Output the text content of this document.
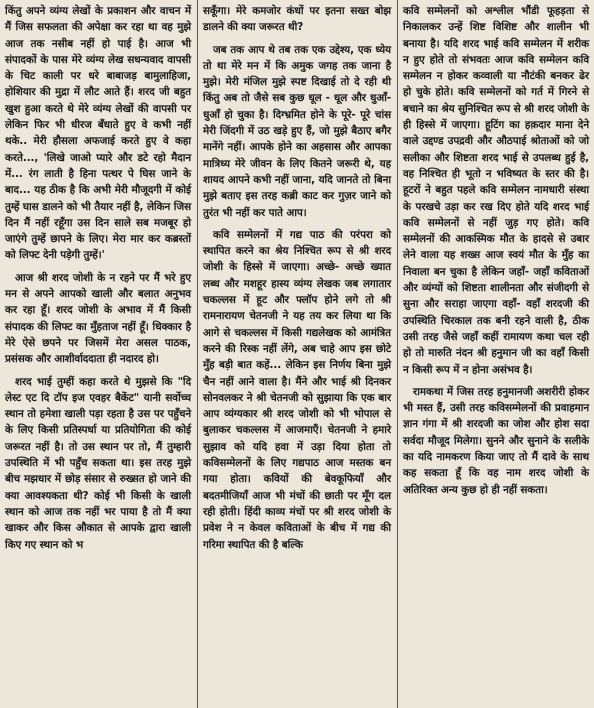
किंतु अपने व्यंग्य लेखों के प्रकाशन और वाचन में मैं जिस सफलता की अपेक्षा कर रहा था वह मुझे आज तक नसीब नहीं हो पाई है। आज भी संपादकों के पास मेरे व्यंग्य लेख सधन्यवाद वापसी के चिट काली पर धरे बाबाजड़ बामुलाहिजा, होशियार की मुद्रा में लौट आते हैं। शरद जी बहुत खुश हुआ करते थे मेरे व्यंग्य लेखों की वापसी पर लेकिन फिर भी धीरज बँधाते हुए वे कभी नहीं थके.. मेरी हौसला अफजाई करते हुए वे कहा करते..., 'लिखे जाओ प्यारे और डटे रहो मैदान में... रंग लाती है हिना पत्थर पे घिस जाने के बाद... यह ठीक है कि अभी मेरी मौजूदगी में कोई तुम्हें घास डालने को भी तैयार नहीं है, लेकिन जिस दिन मैं नहीं रहूँगा उस दिन साले सब मजबूर हो जाएंगे तुम्हें छापने के लिए। मेरा मार कर कब्रस्तों को लिफ्ट देनी पड़ेगी तुम्हें।'

आज श्री शरद जोशी के न रहने पर मैं भरे हुए मन से अपने आपको खाली और बलात अनुभव कर रहा हूँ। शरद जोशी के अभाव में मैं किसी संपादक की लिफ्ट का मुँहताज नहीं हूँ। धिक्कार है मेरे ऐसे छपने पर जिसमें मेरा असल पाठक, प्रसंसक और आशीर्वाददाता ही नदारद हो।

शरद भाई तुम्हीं कहा करते थे मुझसे कि "दि लेस्ट एट दि टॉप इज एवहर बैकेंट" यानी सर्वोच्च स्थान तो हमेशा खाली पड़ा रहता है उस पर पहुँचने के लिए किसी प्रतिस्पर्धा या प्रतियोगिता की कोई जरूरत नहीं है। तो उस स्थान पर तो, मैं तुम्हारी उपस्थिति में भी पहुँच सकता था। इस तरह मुझे बीच मझधार में छोड़ संसार से रुख्सत हो जाने की क्या आवश्यकता थी? कोई भी किसी के खाली स्थान को आज तक नहीं भर पाया है तो मैं क्या खाकर और किस औकात से आपके द्वारा खाली किए गए स्थान को भ

सकूँगा। मेरे कमजोर कंधों पर इतना सख्त बोझ डालने की क्या जरूरत थी?

जब तक आप थे तब तक एक उद्देश्य, एक ध्येय तो था मेरे मन में कि अमुक जगह तक जाना है मुझे। मेरी मंजिल मुझे स्पष्ट दिखाई तो दे रही थी किंतु अब तो जैसे सब कुछ धूल - धूल और धुआँ- धुआँ हो चुका है। दिग्भ्रमित होने के पूरे- पूरे चांस मेरी जिंदगी में उठ खड़े हुए हैं, जो मुझे बैठाए बगैर मानेंगे नहीं। आपके होने का अहसास और आपका मात्रिध्य मेरे जीवन के लिए कितने जरूरी थे, यह शायद आपने कभी नहीं जाना, यदि जानते तो बिना मुझे बताए इस तरह कब्री काट कर गुज़र जाने को तुरंत भी नहीं कर पाते आप।

कवि सम्मेलनों में गद्य पाठ की परंपरा को स्थापित करने का श्रेय निश्चित रूप से श्री शरद जोशी के हिस्से में जाएगा। अच्छे- अच्छे ख्यात लब्ध और मशहूर हास्य व्यंग्य लेखक जब लगातार चकल्लस में हूट और फ्लॉप होने लगे तो श्री रामनारायण चेतनजी ने यह तय कर लिया था कि आगे से चकल्लस में किसी गद्यलेखक को आमंत्रित करने की रिस्क नहीं लेंगे, अब चाहे आप इस छोटे मुँह बड़ी बात कहें... लेकिन इस निर्णय बिना मुझे चैन नहीं आने वाला है। मैंने और भाई श्री दिनकर सोनवलकर ने श्री चेतनजी को सुझाया कि एक बार आप व्यंग्यकार श्री शरद जोशी को भी भोपाल से बुलाकर चकल्लस में आजमाएँ। चेतनजी ने हमारे सुझाव को यदि हवा में उड़ा दिया होता तो कविसम्मेलनों के लिए गद्यपाठ आज मस्तक बन गया होता। कवियों की बेवकूफियाँ और बदतमीजियाँ आज भी मंचों की छाती पर मूँग दल रही होती। हिंदी काव्य मंचों पर श्री शरद जोशी के प्रवेश ने न केवल कविताओं के बीच में गद्य की गरिमा स्थापित की है बल्कि

कवि सम्मेलनों को अश्लील भौंडी फूहड़ता से निकालकर उन्हें शिष्ट विशिष्ट और शालीन भी बनाया है। यदि शरद भाई कवि सम्मेलन में शरीक न हुए होते तो संभवतः आज कवि सम्मेलन कवि सम्मेलन न होकर कव्वाली या नौटंकी बनकर ढेर हो चुके होते। कवि सम्मेलनों को गर्त में गिरने से बचाने का श्रेय सुनिश्चित रूप से श्री शरद जोशी के ही हिस्से में जाएगा। हूटिंग का हक़दार माना देने वाले उद्दण्ड उपद्रवी और औठपाई श्रोताओं को जो सलीका और शिष्टता शरद भाई से उपलब्ध हुई है, वह निश्चित ही भूतो न भविष्यत के स्तर की है। हूटरों ने बहुत पहले कवि सम्मेलन नामधारी संस्था के परखचे उड़ा कर रख दिए होते यदि शरद भाई कवि सम्मेलनों से नहीं जुड़ गए होते। कवि सम्मेलनों की आकस्मिक मौत के हादसे से उबार लेने वाला यह शख्स आज स्वयं मौत के मुँह का निवाला बन चुका है लेकिन जहाँ- जहाँ कविताओं और व्यंग्यों को शिष्टता शालीनता और संजीदगी से सुना और सराहा जाएगा वहाँ- वहाँ शरदजी की उपस्थिति चिरकाल तक बनी रहने वाली है, ठीक उसी तरह जैसे जहाँ कहीं रामायण कथा चल रही हो तो मारुति नंदन श्री हनुमान जी का वहाँ किसी न किसी रूप में न होना असंभव है।

रामकथा में जिस तरह हनुमानजी अशरीरी होकर भी मस्त हैं, उसी तरह कविसम्मेलनों की प्रवाहमान ज्ञान गंगा में श्री शरदजी का जोश और होश सदा सर्वदा मौजूद मिलेगा। सुनने और सुनाने के सलीके का यदि नामकरण किया जाए तो मैं दावे के साथ कह सकता हूँ कि वह नाम शरद जोशी के अतिरिक्त अन्य कुछ हो ही नहीं सकता।
